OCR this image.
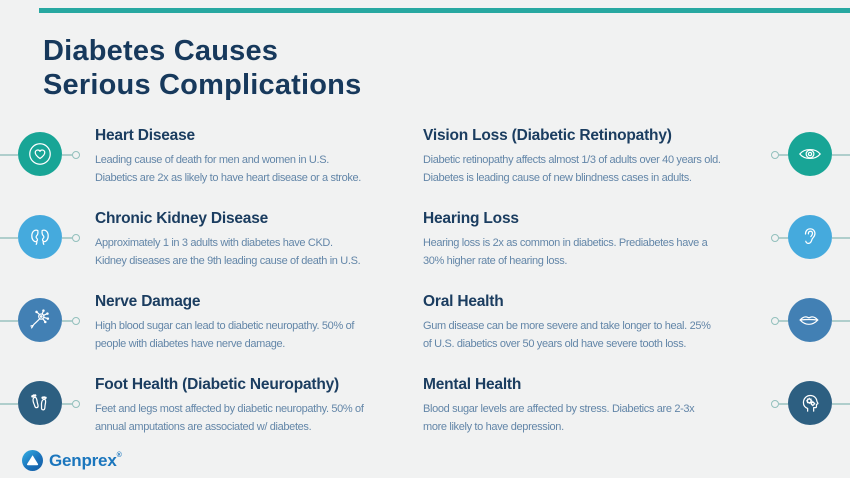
Diabetes Causes
Serious Complications
Heart Disease
Leading cause of death for men and women in U.S.
Diabetics are 2x as likely to have heart disease or a stroke.
Vision Loss (Diabetic Retinopathy)
Diabetic retinopathy affects almost 1/3 of adults over 40 years old.
Diabetes is leading cause of new blindness cases in adults.
Chronic Kidney Disease
Approximately 1 in 3 adults with diabetes have CKD.
Kidney diseases are the 9th leading cause of death in U.S.
Hearing Loss
Hearing loss is 2x as common in diabetics. Prediabetes have a
30% higher rate of hearing loss.
Nerve Damage
High blood sugar can lead to diabetic neuropathy. 50% of
people with diabetes have nerve damage.
Oral Health
Gum disease can be more severe and take longer to heal. 25%
of U.S. diabetics over 50 years old have severe tooth loss.
Foot Health (Diabetic Neuropathy)
Feet and legs most affected by diabetic neuropathy. 50% of
annual amputations are associated w/ diabetes.
Mental Health
Blood sugar levels are affected by stress. Diabetics are 2-3x
more likely to have depression.
Genprex®
